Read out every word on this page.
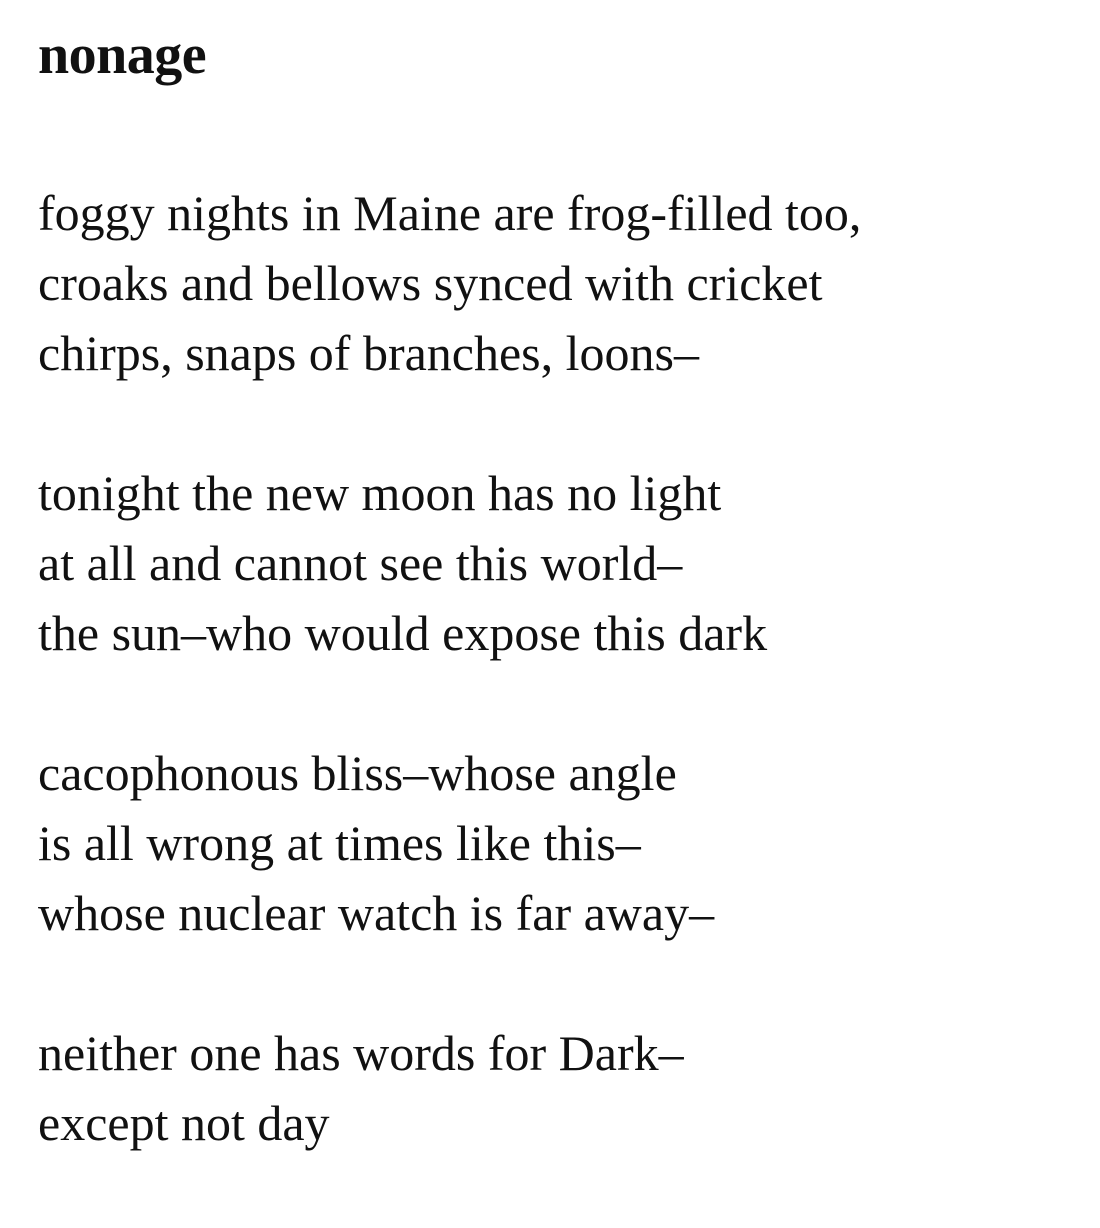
nonage
foggy nights in Maine are frog-filled too,
croaks and bellows synced with cricket
chirps, snaps of branches, loons–
tonight the new moon has no light
at all and cannot see this world–
the sun–who would expose this dark
cacophonous bliss–whose angle
is all wrong at times like this–
whose nuclear watch is far away–
neither one has words for Dark–
except not day
